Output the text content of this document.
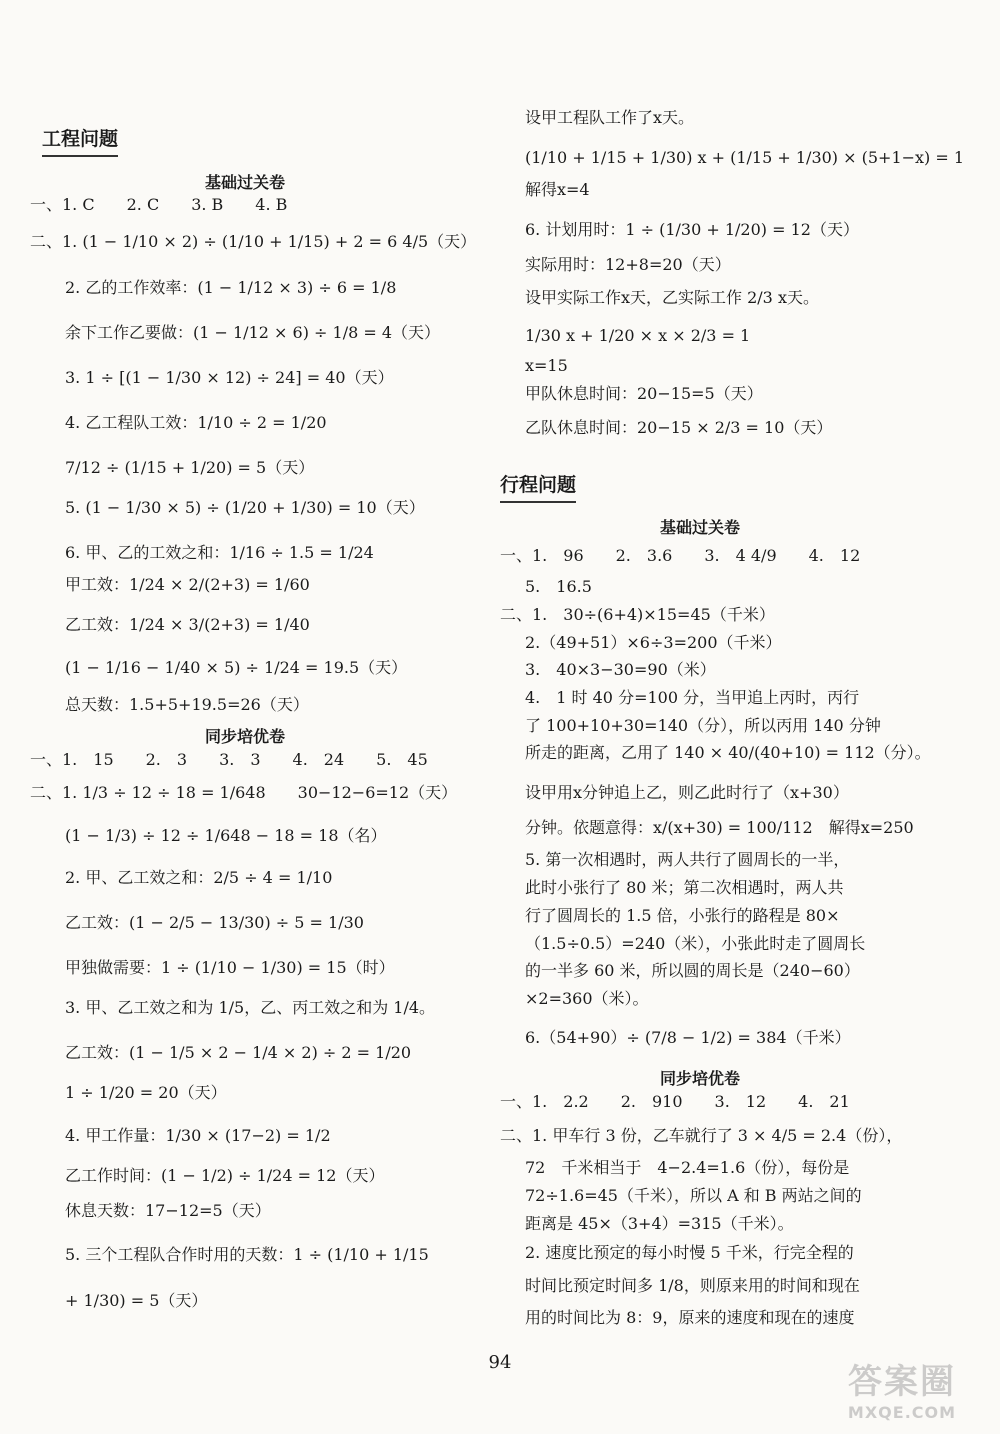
工程问题
基础过关卷
一、1. C　　2. C　　3. B　　4. B
二、1. (1 − 1/10 × 2) ÷ (1/10 + 1/15) + 2 = 6 4/5（天）
2. 乙的工作效率：(1 − 1/12 × 3) ÷ 6 = 1/8
余下工作乙要做：(1 − 1/12 × 6) ÷ 1/8 = 4（天）
3. 1 ÷ [(1 − 1/30 × 12) ÷ 24] = 40（天）
4. 乙工程队工效：1/10 ÷ 2 = 1/20
7/12 ÷ (1/15 + 1/20) = 5（天）
5. (1 − 1/30 × 5) ÷ (1/20 + 1/30) = 10（天）
6. 甲、乙的工效之和：1/16 ÷ 1.5 = 1/24
甲工效：1/24 × 2/(2+3) = 1/60
乙工效：1/24 × 3/(2+3) = 1/40
(1 − 1/16 − 1/40 × 5) ÷ 1/24 = 19.5（天）
总天数：1.5+5+19.5=26（天）
同步培优卷
一、1.　15　　2.　3　　3.　3　　4.　24　　5.　45
二、1. 1/3 ÷ 12 ÷ 18 = 1/648　　30−12−6=12（天）
(1 − 1/3) ÷ 12 ÷ 1/648 − 18 = 18（名）
2. 甲、乙工效之和：2/5 ÷ 4 = 1/10
乙工效：(1 − 2/5 − 13/30) ÷ 5 = 1/30
甲独做需要：1 ÷ (1/10 − 1/30) = 15（时）
3. 甲、乙工效之和为 1/5，乙、丙工效之和为 1/4。
乙工效：(1 − 1/5 × 2 − 1/4 × 2) ÷ 2 = 1/20
1 ÷ 1/20 = 20（天）
4. 甲工作量：1/30 × (17−2) = 1/2
乙工作时间：(1 − 1/2) ÷ 1/24 = 12（天）
休息天数：17−12=5（天）
5. 三个工程队合作时用的天数：1 ÷ (1/10 + 1/15
+ 1/30) = 5（天）
设甲工程队工作了x天。
(1/10 + 1/15 + 1/30) x + (1/15 + 1/30) × (5+1−x) = 1
解得x=4
6. 计划用时：1 ÷ (1/30 + 1/20) = 12（天）
实际用时：12+8=20（天）
设甲实际工作x天，乙实际工作 2/3 x天。
1/30 x + 1/20 × x × 2/3 = 1
x=15
甲队休息时间：20−15=5（天）
乙队休息时间：20−15 × 2/3 = 10（天）
行程问题
基础过关卷
一、1.　96　　2.　3.6　　3.　4 4/9　　4.　12
5.　16.5
二、1.　30÷(6+4)×15=45（千米）
2.（49+51）×6÷3=200（千米）
3.　40×3−30=90（米）
4.　1 时 40 分=100 分，当甲追上丙时，丙行
了 100+10+30=140（分），所以丙用 140 分钟
所走的距离，乙用了 140 × 40/(40+10) = 112（分）。
设甲用x分钟追上乙，则乙此时行了（x+30）
分钟。依题意得：x/(x+30) = 100/112　解得x=250
5. 第一次相遇时，两人共行了圆周长的一半，
此时小张行了 80 米；第二次相遇时，两人共
行了圆周长的 1.5 倍，小张行的路程是 80×
（1.5÷0.5）=240（米），小张此时走了圆周长
的一半多 60 米，所以圆的周长是（240−60）
×2=360（米）。
6.（54+90）÷ (7/8 − 1/2) = 384（千米）
同步培优卷
一、1.　2.2　　2.　910　　3.　12　　4.　21
二、1. 甲车行 3 份，乙车就行了 3 × 4/5 = 2.4（份），
72　千米相当于　4−2.4=1.6（份），每份是
72÷1.6=45（千米），所以 A 和 B 两站之间的
距离是 45×（3+4）=315（千米）。
2. 速度比预定的每小时慢 5 千米，行完全程的
时间比预定时间多 1/8，则原来用的时间和现在
用的时间比为 8：9，原来的速度和现在的速度
94	答案圈
MXQE.COM
